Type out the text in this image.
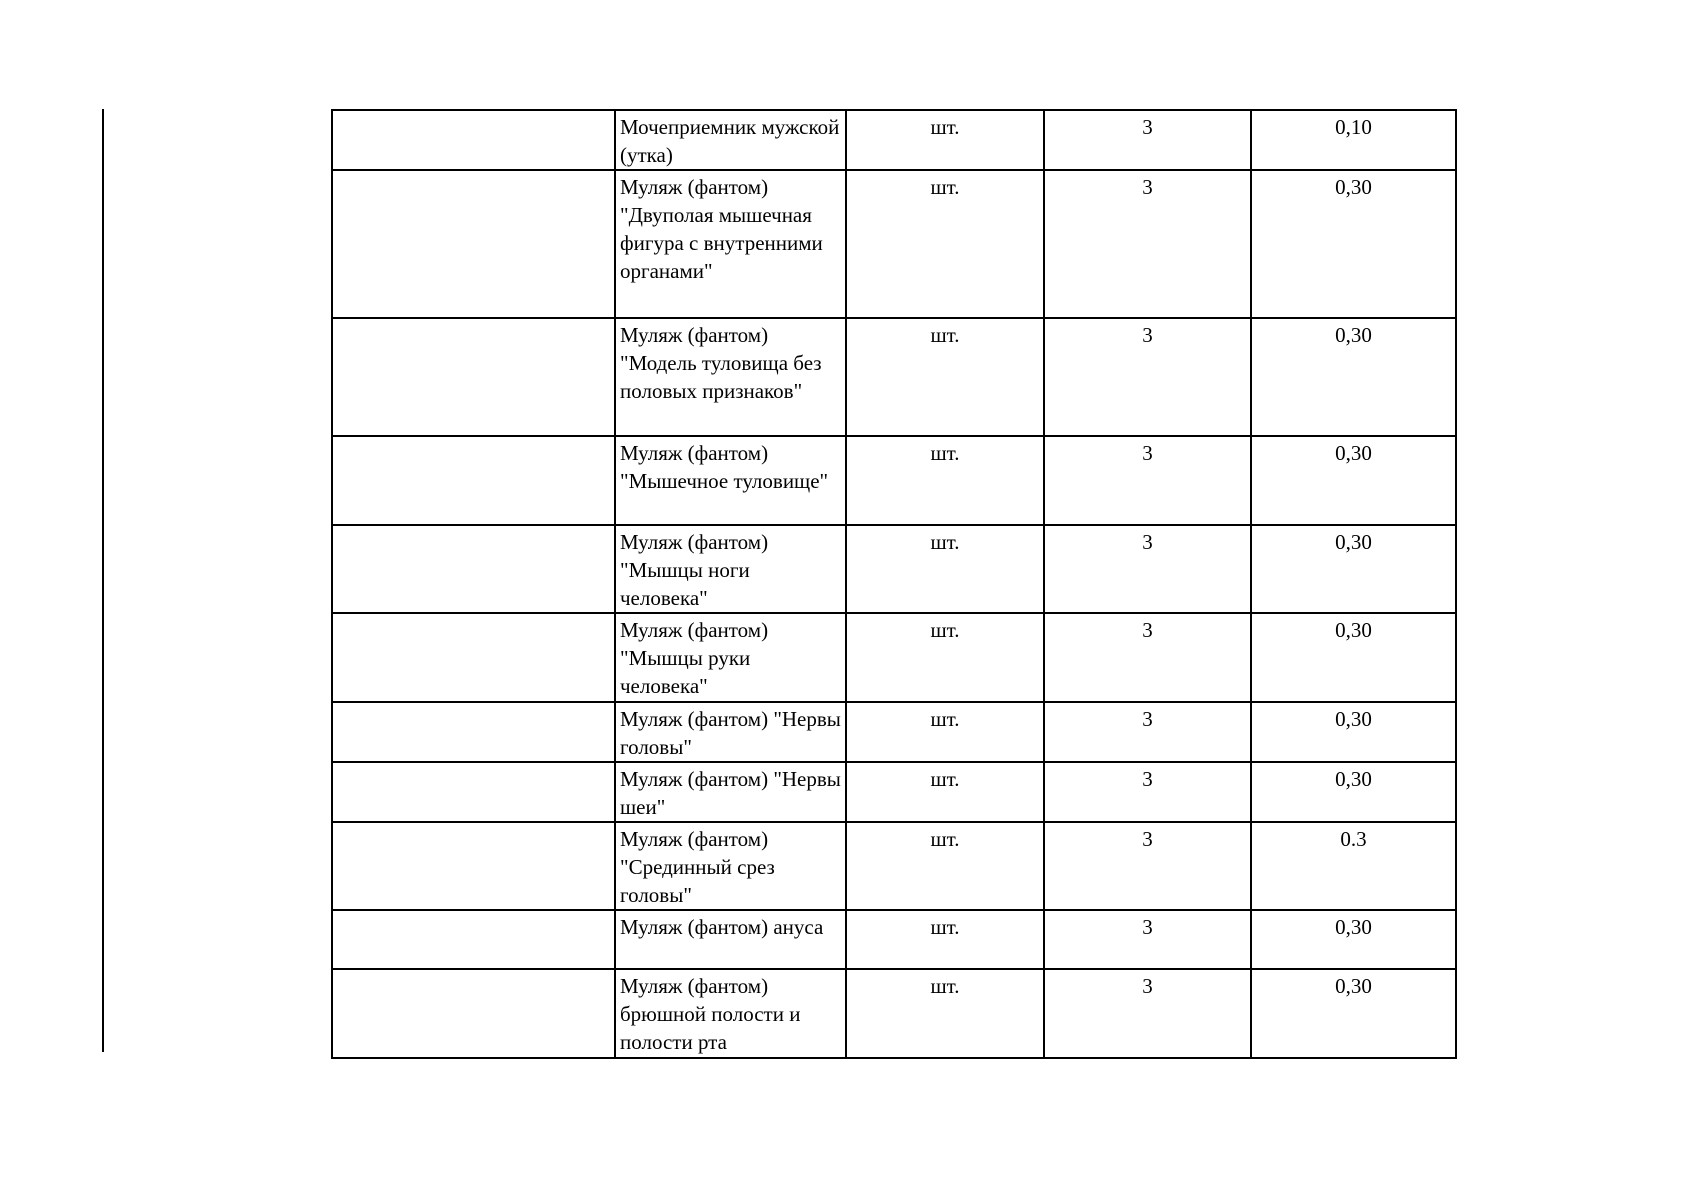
	Мочеприемник мужской (утка)	шт.	3	0,10
	Муляж (фантом) "Двуполая мышечная фигура с внутренними органами"	шт.	3	0,30
	Муляж (фантом) "Модель туловища без половых признаков"	шт.	3	0,30
	Муляж (фантом) "Мышечное туловище"	шт.	3	0,30
	Муляж (фантом) "Мышцы ноги человека"	шт.	3	0,30
	Муляж (фантом) "Мышцы руки человека"	шт.	3	0,30
	Муляж (фантом) "Нервы головы"	шт.	3	0,30
	Муляж (фантом) "Нервы шеи"	шт.	3	0,30
	Муляж (фантом) "Срединный срез головы"	шт.	3	0.3
	Муляж (фантом) ануса	шт.	3	0,30
	Муляж (фантом) брюшной полости и полости рта	шт.	3	0,30
